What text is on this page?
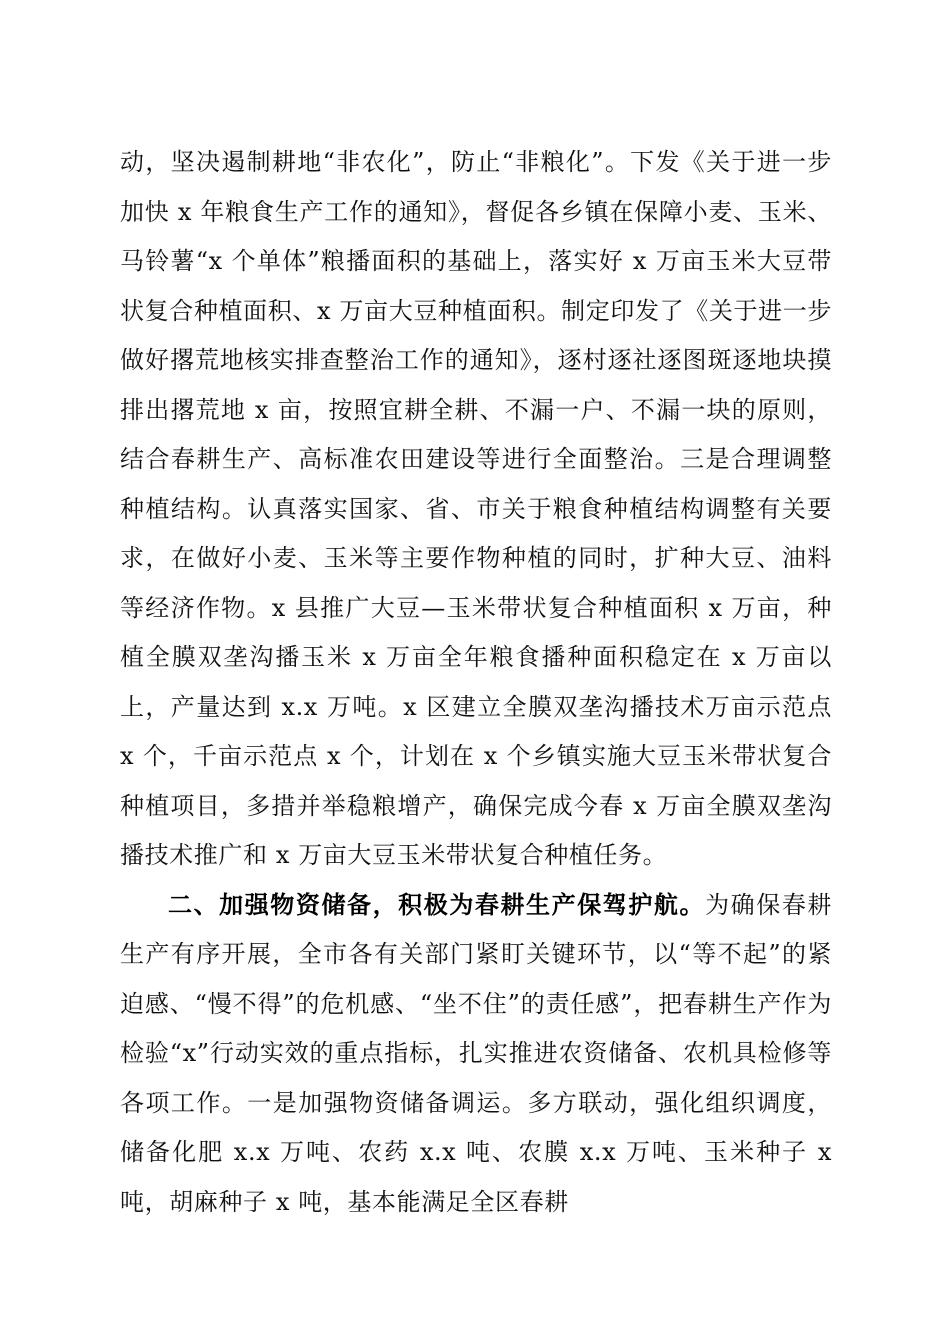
动，坚决遏制耕地“非农化”，防止“非粮化”。下发《关于进一步加快 x 年粮食生产工作的通知》，督促各乡镇在保障小麦、玉米、马铃薯“x 个单体”粮播面积的基础上，落实好 x 万亩玉米大豆带状复合种植面积、x 万亩大豆种植面积。制定印发了《关于进一步做好撂荒地核实排查整治工作的通知》，逐村逐社逐图斑逐地块摸排出撂荒地 x 亩，按照宜耕全耕、不漏一户、不漏一块的原则，结合春耕生产、高标准农田建设等进行全面整治。三是合理调整种植结构。认真落实国家、省、市关于粮食种植结构调整有关要求，在做好小麦、玉米等主要作物种植的同时，扩种大豆、油料等经济作物。x 县推广大豆—玉米带状复合种植面积 x 万亩，种植全膜双垄沟播玉米 x 万亩全年粮食播种面积稳定在 x 万亩以上，产量达到 x.x 万吨。x 区建立全膜双垄沟播技术万亩示范点 x 个，千亩示范点 x 个，计划在 x 个乡镇实施大豆玉米带状复合种植项目，多措并举稳粮增产，确保完成今春 x 万亩全膜双垄沟播技术推广和 x 万亩大豆玉米带状复合种植任务。

二、加强物资储备，积极为春耕生产保驾护航。为确保春耕生产有序开展，全市各有关部门紧盯关键环节，以“等不起”的紧迫感、“慢不得”的危机感、“坐不住”的责任感”，把春耕生产作为检验“x”行动实效的重点指标，扎实推进农资储备、农机具检修等各项工作。一是加强物资储备调运。多方联动，强化组织调度，储备化肥 x.x 万吨、农药 x.x 吨、农膜 x.x 万吨、玉米种子 x 吨，胡麻种子 x 吨，基本能满足全区春耕
